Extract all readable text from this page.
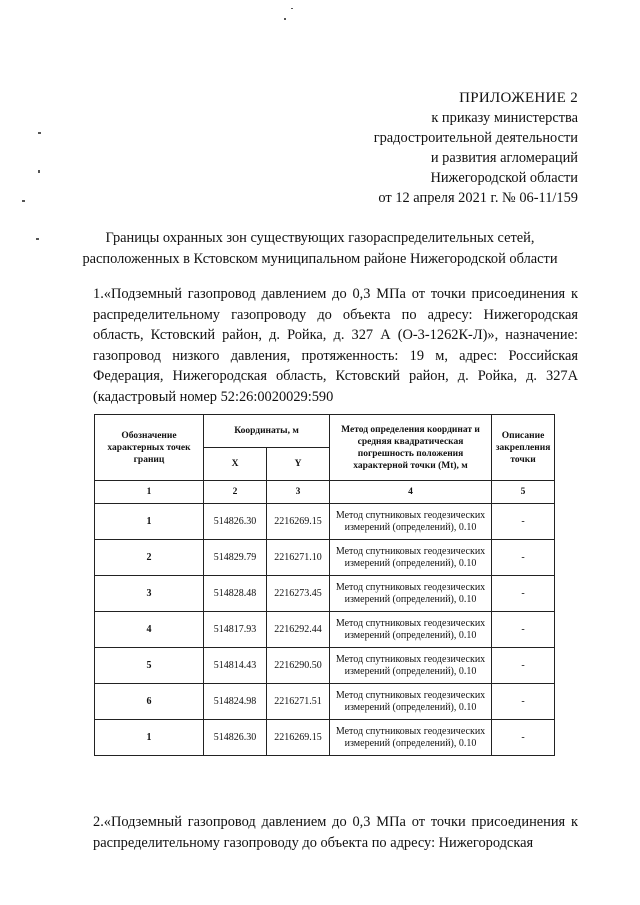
ПРИЛОЖЕНИЕ 2
к приказу министерства
градостроительной деятельности
и развития агломераций
Нижегородской области
от 12 апреля 2021 г. № 06-11/159
Границы охранных зон существующих газораспределительных сетей,
расположенных в Кстовском муниципальном районе Нижегородской области
1.«Подземный газопровод давлением до 0,3 МПа от точки присоединения к распределительному газопроводу до объекта по адресу: Нижегородская область, Кстовский район, д. Ройка, д. 327 А (О-3-1262К-Л)», назначение: газопровод низкого давления, протяженность: 19 м, адрес: Российская Федерация, Нижегородская область, Кстовский район, д. Ройка, д. 327А (кадастровый номер 52:26:0020029:590
Обозначение характерных точек границ	Координаты, м		Метод определения координат и средняя квадратическая погрешность положения характерной точки (Mt), м	Описание закрепления точки
	X	Y		
1	2	3	4	5
1	514826.30	2216269.15	Метод спутниковых геодезических измерений (определений), 0.10	-
2	514829.79	2216271.10	Метод спутниковых геодезических измерений (определений), 0.10	-
3	514828.48	2216273.45	Метод спутниковых геодезических измерений (определений), 0.10	-
4	514817.93	2216292.44	Метод спутниковых геодезических измерений (определений), 0.10	-
5	514814.43	2216290.50	Метод спутниковых геодезических измерений (определений), 0.10	-
6	514824.98	2216271.51	Метод спутниковых геодезических измерений (определений), 0.10	-
1	514826.30	2216269.15	Метод спутниковых геодезических измерений (определений), 0.10	-
2.«Подземный газопровод давлением до 0,3 МПа от точки присоединения к распределительному газопроводу до объекта по адресу: Нижегородская
